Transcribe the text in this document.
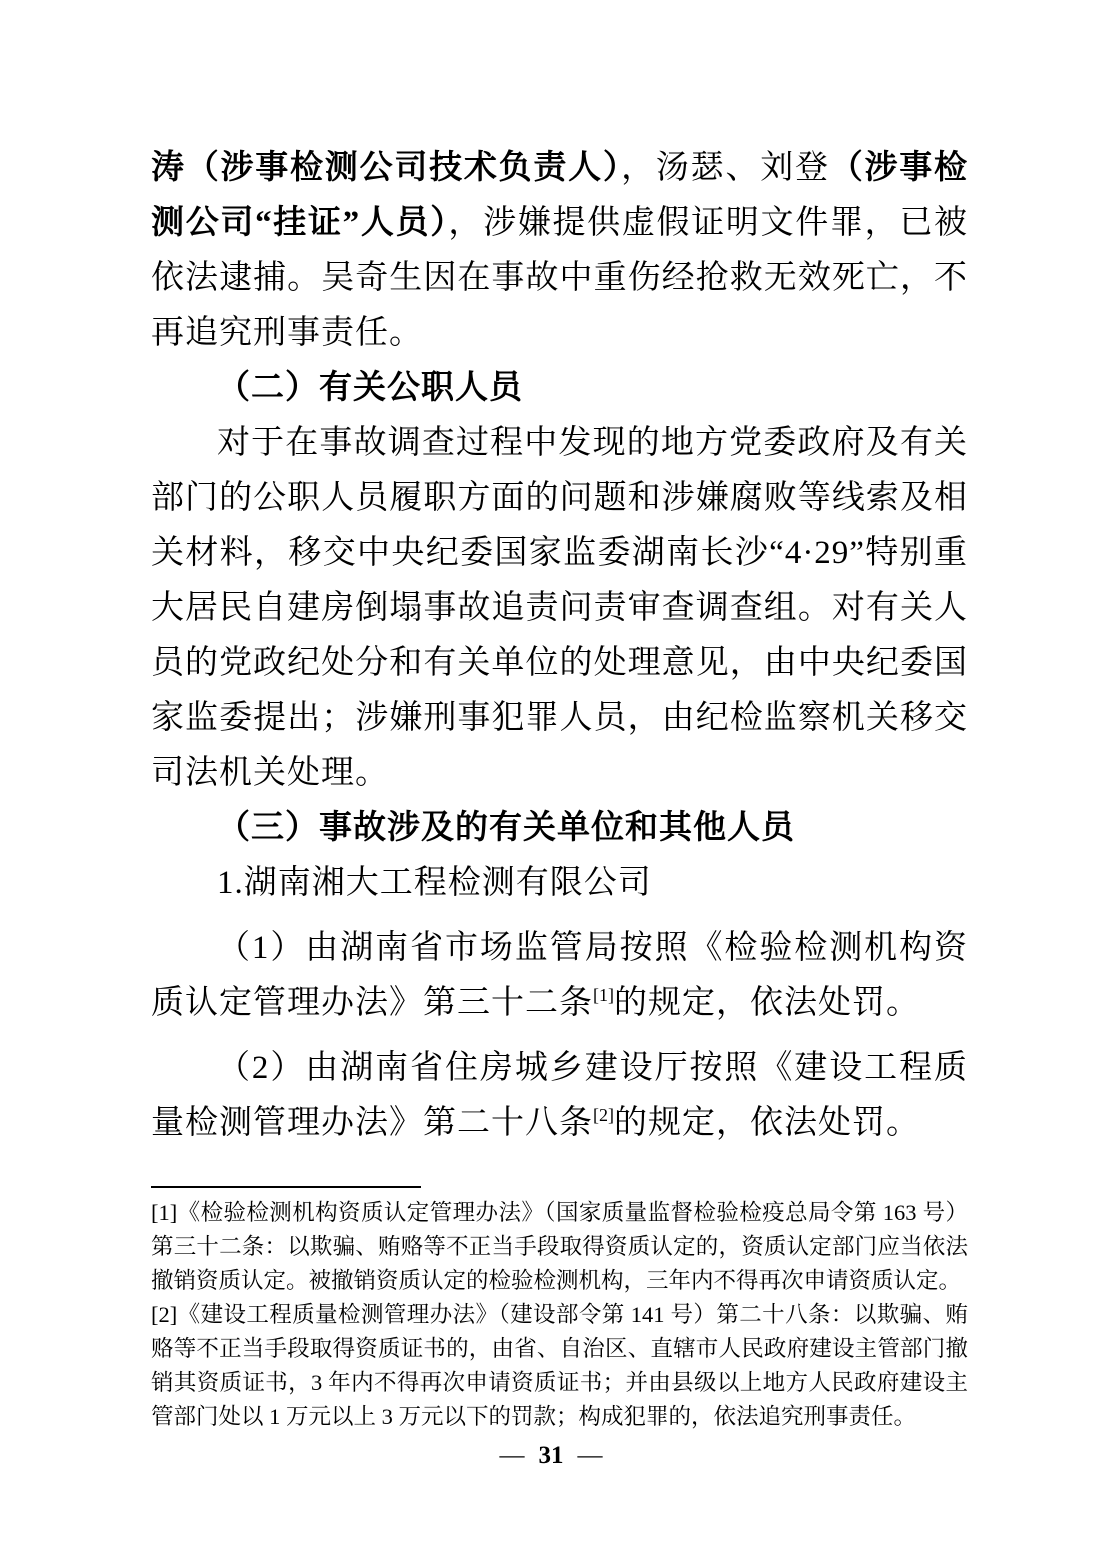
涛（涉事检测公司技术负责人），汤瑟、刘登（涉事检测公司“挂证”人员），涉嫌提供虚假证明文件罪，已被依法逮捕。吴奇生因在事故中重伤经抢救无效死亡，不再追究刑事责任。

（二）有关公职人员

对于在事故调查过程中发现的地方党委政府及有关部门的公职人员履职方面的问题和涉嫌腐败等线索及相关材料，移交中央纪委国家监委湖南长沙“4·29”特别重大居民自建房倒塌事故追责问责审查调查组。对有关人员的党政纪处分和有关单位的处理意见，由中央纪委国家监委提出；涉嫌刑事犯罪人员，由纪检监察机关移交司法机关处理。

（三）事故涉及的有关单位和其他人员

1.湖南湘大工程检测有限公司

（1）由湖南省市场监管局按照《检验检测机构资质认定管理办法》第三十二条[1]的规定，依法处罚。

（2）由湖南省住房城乡建设厅按照《建设工程质量检测管理办法》第二十八条[2]的规定，依法处罚。

[1]《检验检测机构资质认定管理办法》（国家质量监督检验检疫总局令第 163 号）第三十二条：以欺骗、贿赂等不正当手段取得资质认定的，资质认定部门应当依法撤销资质认定。被撤销资质认定的检验检测机构，三年内不得再次申请资质认定。

[2]《建设工程质量检测管理办法》（建设部令第 141 号）第二十八条：以欺骗、贿赂等不正当手段取得资质证书的，由省、自治区、直辖市人民政府建设主管部门撤销其资质证书，3 年内不得再次申请资质证书；并由县级以上地方人民政府建设主管部门处以 1 万元以上 3 万元以下的罚款；构成犯罪的，依法追究刑事责任。

— 31 —
